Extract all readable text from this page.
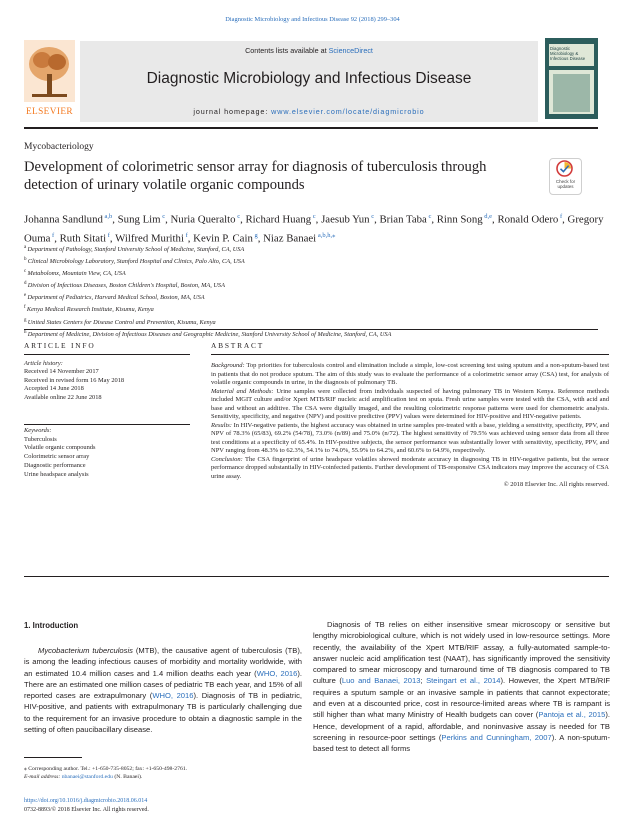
Diagnostic Microbiology and Infectious Disease 92 (2018) 299–304
Contents lists available at ScienceDirect
Diagnostic Microbiology and Infectious Disease
journal homepage: www.elsevier.com/locate/diagmicrobio
ELSEVIER
Diagnostic Microbiology & Infectious Disease
Mycobacteriology
Development of colorimetric sensor array for diagnosis of tuberculosis through detection of urinary volatile organic compounds	Check for updates
Johanna Sandlund $^{a,b}$, Sung Lim $^c$, Nuria Queralto $^c$, Richard Huang $^c$, Jaesub Yun $^c$, Brian Taba $^c$, Rinn Song $^{d,e}$, Ronald Odero $^f$, Gregory Ouma $^f$, Ruth Sitati $^f$, Wilfred Murithi $^f$, Kevin P. Cain $^g$, Niaz Banaei $^{a,b,h,⁎}$
$^a$ Department of Pathology, Stanford University School of Medicine, Stanford, CA, USA
$^b$ Clinical Microbiology Laboratory, Stanford Hospital and Clinics, Palo Alto, CA, USA
$^c$ Metabolomx, Mountain View, CA, USA
$^d$ Division of Infectious Diseases, Boston Children's Hospital, Boston, MA, USA
$^e$ Department of Pediatrics, Harvard Medical School, Boston, MA, USA
$^f$ Kenya Medical Research Institute, Kisumu, Kenya
$^g$ United States Centers for Disease Control and Prevention, Kisumu, Kenya
$^h$ Department of Medicine, Division of Infectious Diseases and Geographic Medicine, Stanford University School of Medicine, Stanford, CA, USA
ARTICLE INFO
Article history:
Received 14 November 2017
Received in revised form 16 May 2018
Accepted 14 June 2018
Available online 22 June 2018
Keywords:
Tuberculosis
Volatile organic compounds
Colorimetric sensor array
Diagnostic performance
Urine headspace analysis
ABSTRACT

Background: Top priorities for tuberculosis control and elimination include a simple, low-cost screening test using sputum and a non-sputum-based test in patients that do not produce sputum. The aim of this study was to evaluate the performance of a colorimetric sensor array (CSA) test, for analysis of volatile organic compounds in urine, in the diagnosis of pulmonary TB.

Material and Methods: Urine samples were collected from individuals suspected of having pulmonary TB in Western Kenya. Reference methods included MGIT culture and/or Xpert MTB/RIF nucleic acid amplification test on sputa. Fresh urine samples were tested with the CSA, with acid and base and without an additive. The CSA were digitally imaged, and the resulting colorimetric response patterns were used for chemometric analysis. Sensitivity, specificity, and negative (NPV) and positive predictive (PPV) values were determined for HIV-positive and HIV-negative patients.

Results: In HIV-negative patients, the highest accuracy was obtained in urine samples pre-treated with a base, yielding a sensitivity, specificity, PPV, and NPV of 78.3% (65/83), 69.2% (54/78), 73.0% (n/89) and 75.0% (n/72). The highest sensitivity of 79.5% was achieved using sensor data from all three test conditions at a specificity of 65.4%. In HIV-positive subjects, the sensor performance was substantially lower with sensitivity, specificity, PPV, and NPV ranging from 48.3% to 62.3%, 54.1% to 74.0%, 55.9% to 64.2%, and 60.6% to 64.9%, respectively.

Conclusion: The CSA fingerprint of urine headspace volatiles showed moderate accuracy in diagnosing TB in HIV-negative patients, but the sensor performance dropped substantially in HIV-coinfected patients. Further development of TB-responsive CSA indicators may improve the accuracy of CSA urine assay.

© 2018 Elsevier Inc. All rights reserved.

1. Introduction

Mycobacterium tuberculosis (MTB), the causative agent of tuberculosis (TB), is among the leading infectious causes of morbidity and mortality worldwide, with an estimated 10.4 million cases and 1.4 million deaths each year (WHO, 2016). There are an estimated one million cases of pediatric TB each year, and 15% of all reported cases are extrapulmonary (WHO, 2016). Diagnosis of TB in pediatric, HIV-positive, and patients with extrapulmonary TB is particularly challenging due to the requirement for an invasive procedure to obtain a diagnostic sample in the setting of often paucibacillary disease.

Diagnosis of TB relies on either insensitive smear microscopy or sensitive but lengthy microbiological culture, which is not widely used in low-resource settings. More recently, the availability of the Xpert MTB/RIF assay, a fully-automated sample-to-answer nucleic acid amplification test (NAAT), has significantly improved the sensitivity compared to smear microscopy and turnaround time of TB diagnosis compared to TB culture (Luo and Banaei, 2013; Steingart et al., 2014). However, the Xpert MTB/RIF requires a sputum sample or an invasive sample in patients that cannot expectorate; and even at a discounted price, cost in resource-limited areas where TB is rampant is still higher than what many Ministry of Health budgets can cover (Pantoja et al., 2015). Hence, development of a rapid, affordable, and noninvasive assay is needed for TB screening in resource-poor settings (Perkins and Cunningham, 2007). A non-sputum-based test to detect all forms

⁎ Corresponding author. Tel.: +1-650-735-8052; fax: +1-650-498-2761.
E-mail address: nbanaei@stanford.edu (N. Banaei).
https://doi.org/10.1016/j.diagmicrobio.2018.06.014
0732-8893/© 2018 Elsevier Inc. All rights reserved.
